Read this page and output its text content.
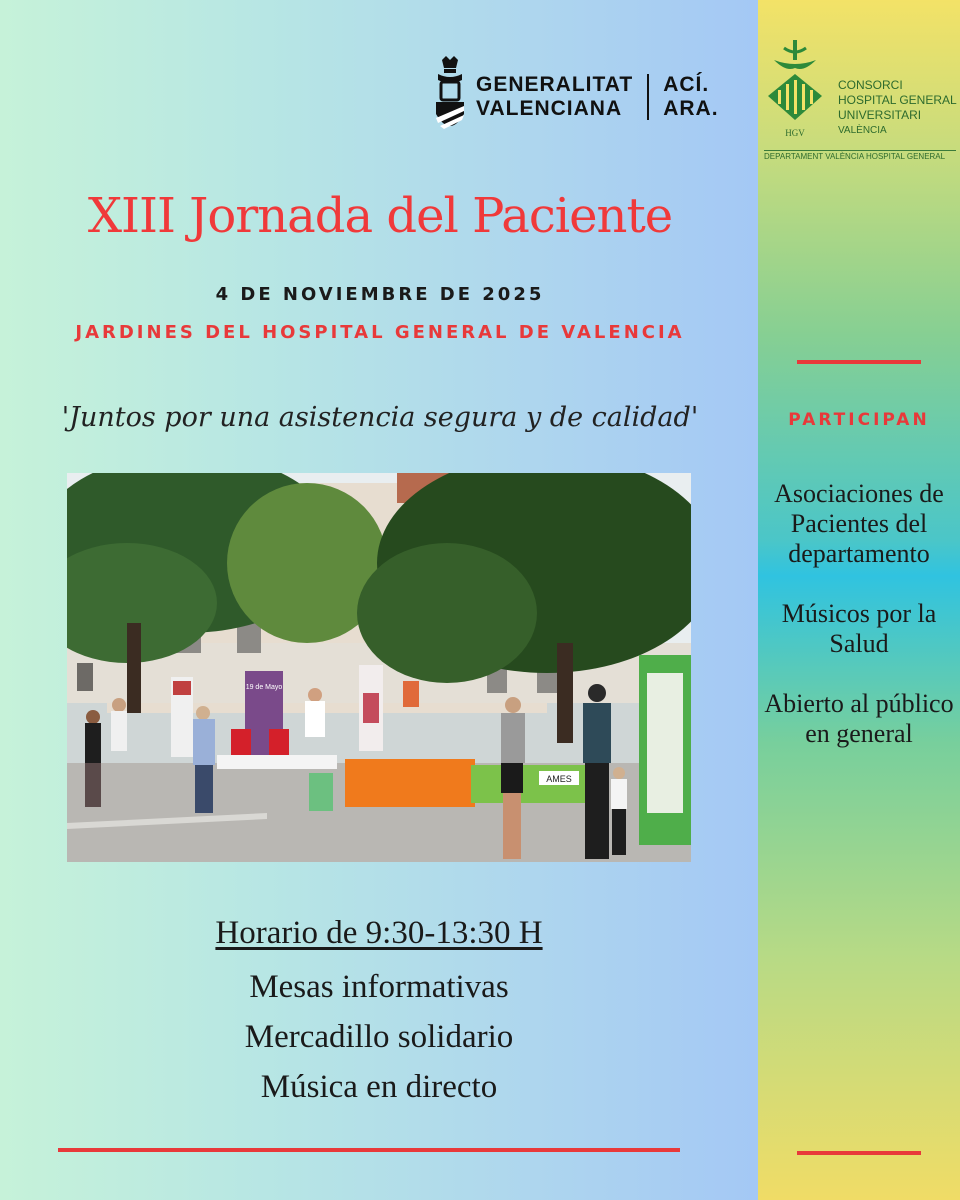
GENERALITAT
VALENCIANA
ACÍ.
ARA.
HGV
CONSORCI
HOSPITAL GENERAL
UNIVERSITARI
VALÈNCIA
DEPARTAMENT VALÈNCIA HOSPITAL GENERAL
XIII Jornada del Paciente
4 DE NOVIEMBRE DE 2025
JARDINES DEL HOSPITAL GENERAL DE VALENCIA
'Juntos por una asistencia segura y de calidad'
19 de Mayo
AMES
Horario de 9:30-13:30 H
Mesas informativas
Mercadillo solidario
Música en directo
PARTICIPAN
Asociaciones de Pacientes del departamento
Músicos por la Salud
Abierto al público en general
